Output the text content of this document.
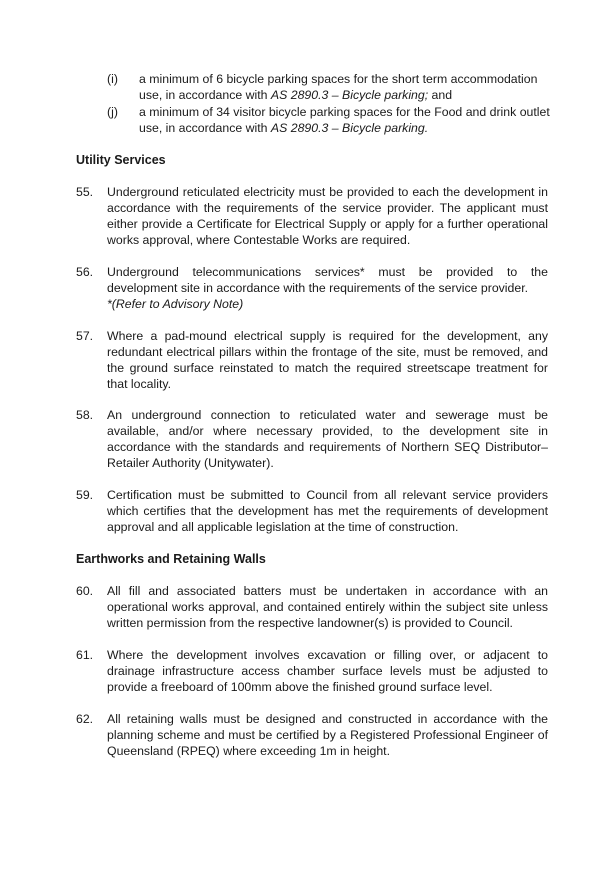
(i) a minimum of 6 bicycle parking spaces for the short term accommodation use, in accordance with AS 2890.3 – Bicycle parking; and
(j) a minimum of 34 visitor bicycle parking spaces for the Food and drink outlet use, in accordance with AS 2890.3 – Bicycle parking.
Utility Services
55. Underground reticulated electricity must be provided to each the development in accordance with the requirements of the service provider. The applicant must either provide a Certificate for Electrical Supply or apply for a further operational works approval, where Contestable Works are required.
56. Underground telecommunications services* must be provided to the development site in accordance with the requirements of the service provider.
*(Refer to Advisory Note)
57. Where a pad-mound electrical supply is required for the development, any redundant electrical pillars within the frontage of the site, must be removed, and the ground surface reinstated to match the required streetscape treatment for that locality.
58. An underground connection to reticulated water and sewerage must be available, and/or where necessary provided, to the development site in accordance with the standards and requirements of Northern SEQ Distributor–Retailer Authority (Unitywater).
59. Certification must be submitted to Council from all relevant service providers which certifies that the development has met the requirements of development approval and all applicable legislation at the time of construction.
Earthworks and Retaining Walls
60. All fill and associated batters must be undertaken in accordance with an operational works approval, and contained entirely within the subject site unless written permission from the respective landowner(s) is provided to Council.
61. Where the development involves excavation or filling over, or adjacent to drainage infrastructure access chamber surface levels must be adjusted to provide a freeboard of 100mm above the finished ground surface level.
62. All retaining walls must be designed and constructed in accordance with the planning scheme and must be certified by a Registered Professional Engineer of Queensland (RPEQ) where exceeding 1m in height.
